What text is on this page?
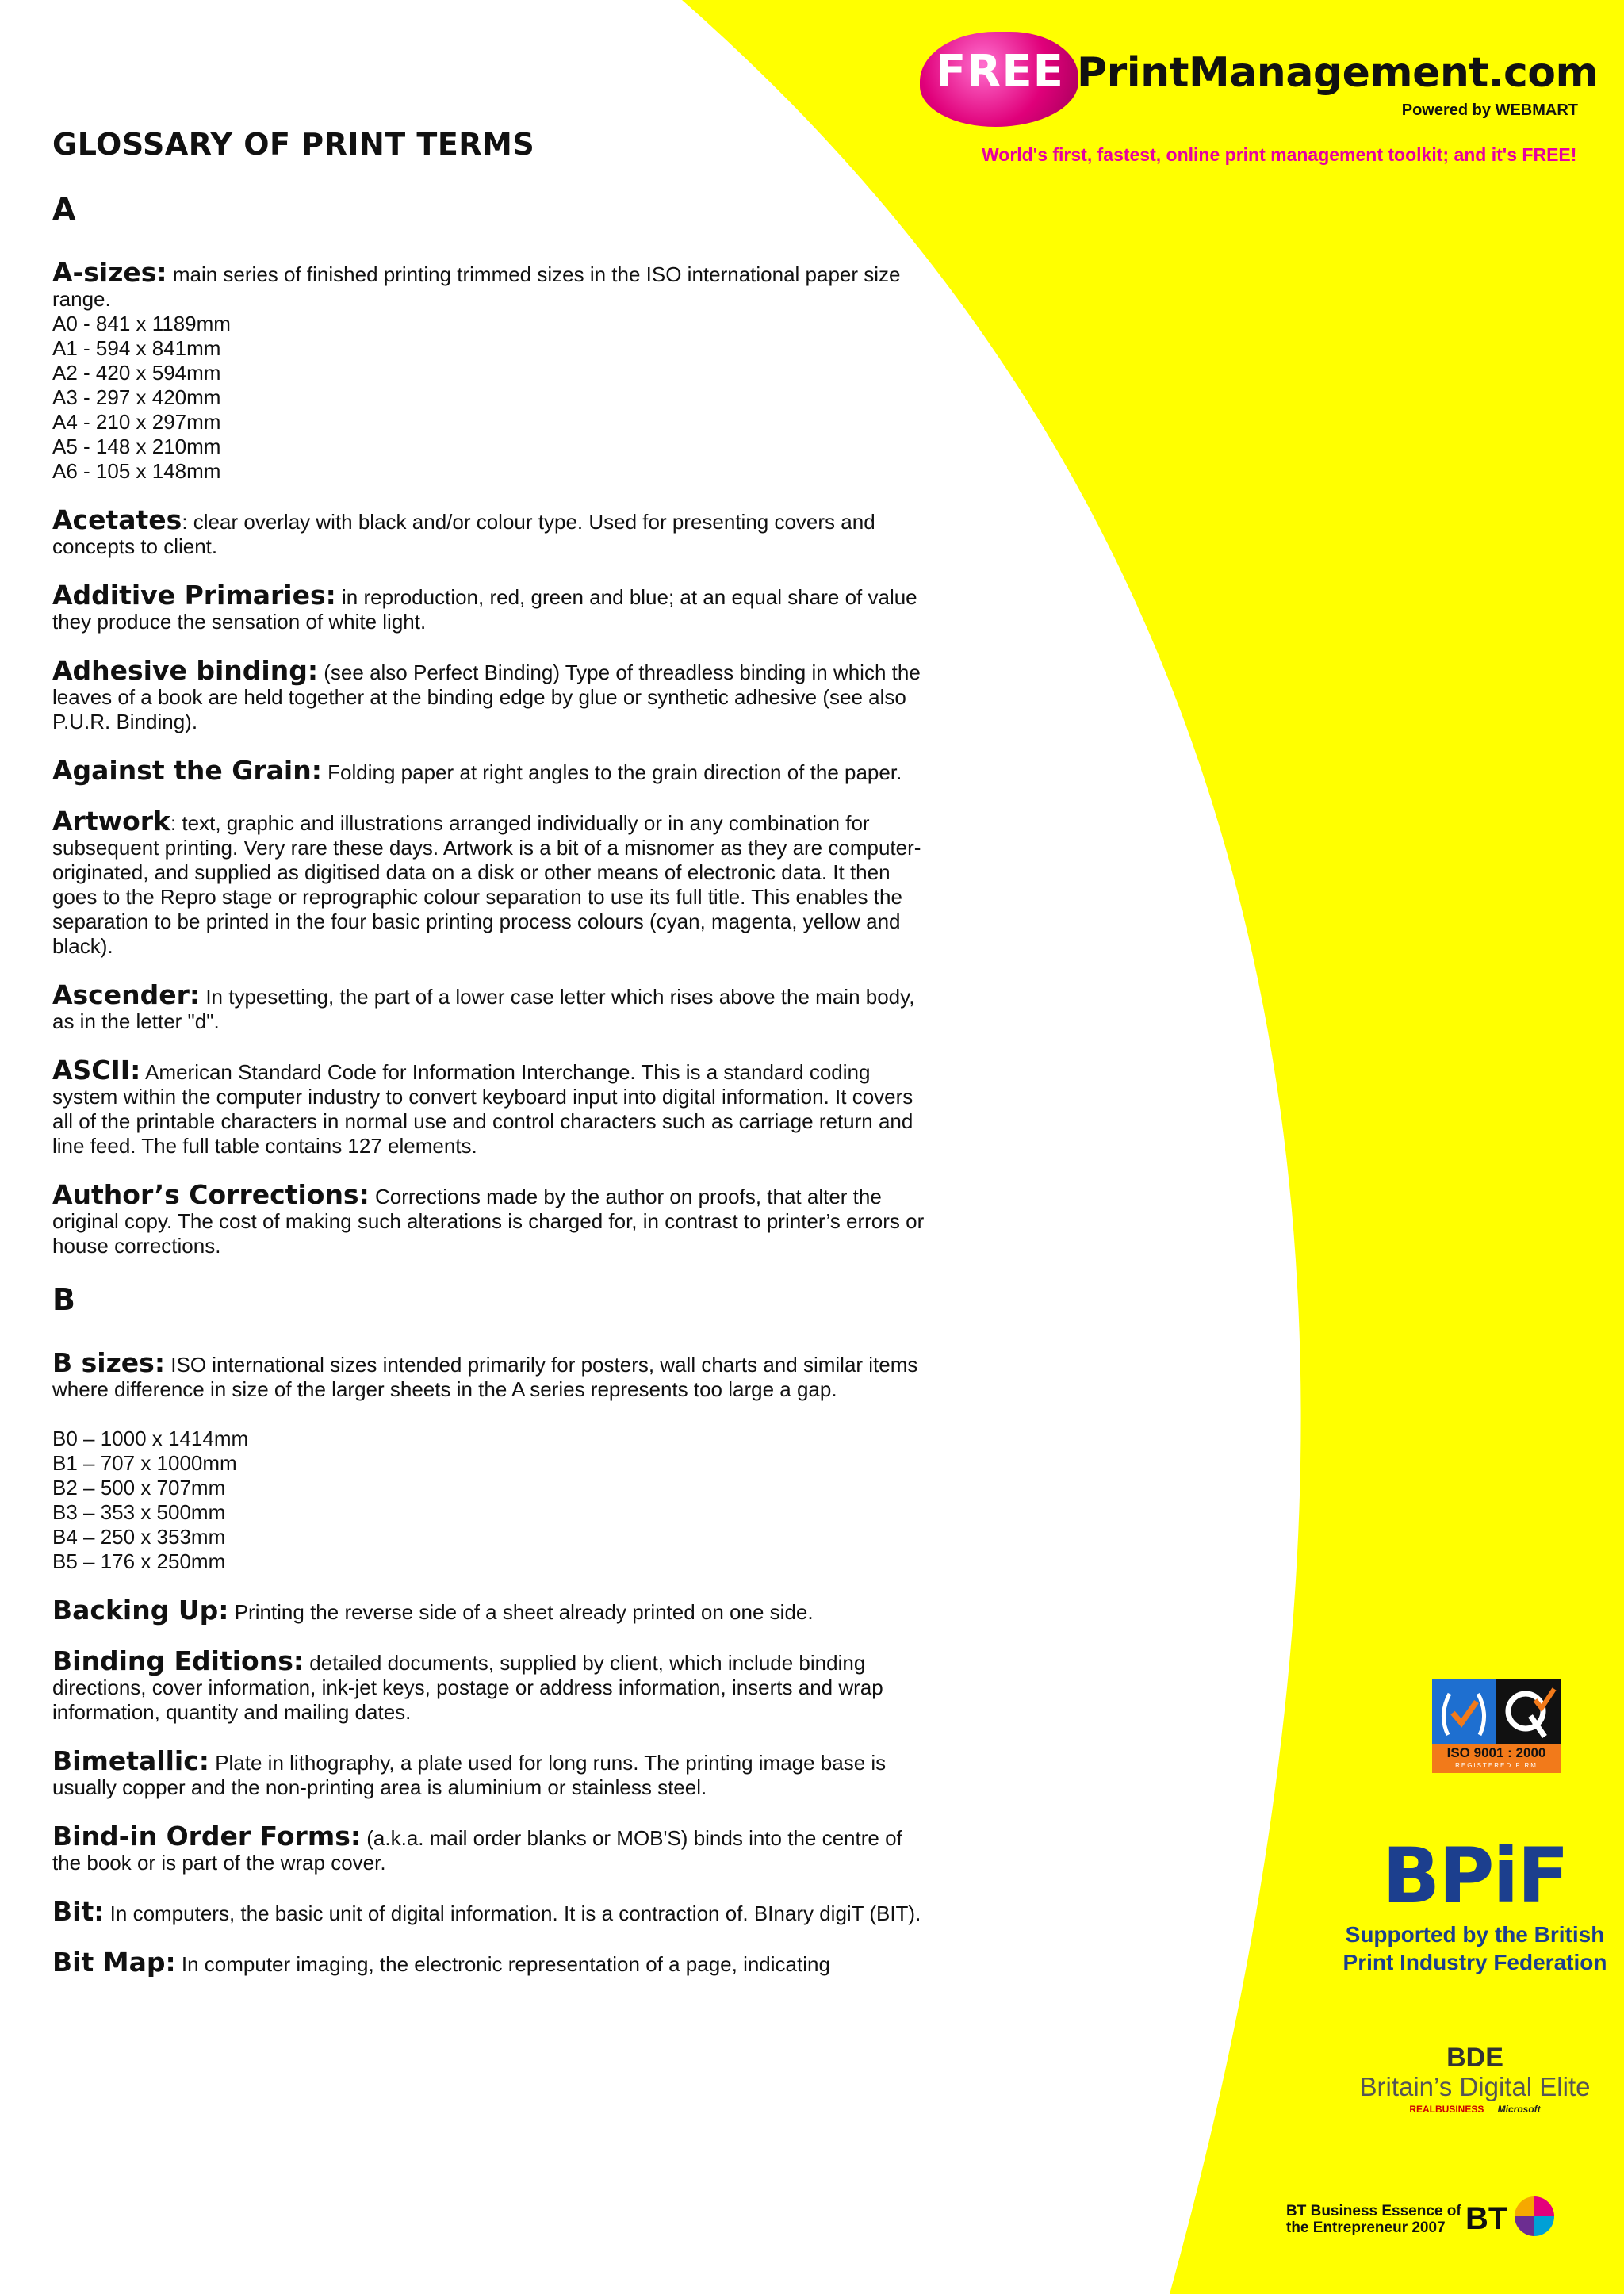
FREE PrintManagement.com
Powered by WEBMART
World's first, fastest, online print management toolkit; and it's FREE!
GLOSSARY OF PRINT TERMS
A
A-sizes: main series of finished printing trimmed sizes in the ISO international paper size range.
A0 - 841 x 1189mm
A1 - 594 x 841mm
A2 - 420 x 594mm
A3 - 297 x 420mm
A4 - 210 x 297mm
A5 - 148 x 210mm
A6 - 105 x 148mm
Acetates: clear overlay with black and/or colour type. Used for presenting covers and concepts to client.
Additive Primaries: in reproduction, red, green and blue; at an equal share of value they produce the sensation of white light.
Adhesive binding: (see also Perfect Binding) Type of threadless binding in which the leaves of a book are held together at the binding edge by glue or synthetic adhesive (see also P.U.R. Binding).
Against the Grain: Folding paper at right angles to the grain direction of the paper.
Artwork: text, graphic and illustrations arranged individually or in any combination for subsequent printing. Very rare these days. Artwork is a bit of a misnomer as they are computer-originated, and supplied as digitised data on a disk or other means of electronic data. It then goes to the Repro stage or reprographic colour separation to use its full title. This enables the separation to be printed in the four basic printing process colours (cyan, magenta, yellow and black).
Ascender: In typesetting, the part of a lower case letter which rises above the main body, as in the letter "d".
ASCII: American Standard Code for Information Interchange. This is a standard coding system within the computer industry to convert keyboard input into digital information. It covers all of the printable characters in normal use and control characters such as carriage return and line feed. The full table contains 127 elements.
Author’s Corrections: Corrections made by the author on proofs, that alter the original copy. The cost of making such alterations is charged for, in contrast to printer’s errors or house corrections.
B
B sizes: ISO international sizes intended primarily for posters, wall charts and similar items where difference in size of the larger sheets in the A series represents too large a gap.
B0 – 1000 x 1414mm
B1 – 707 x 1000mm
B2 – 500 x 707mm
B3 – 353 x 500mm
B4 – 250 x 353mm
B5 – 176 x 250mm
Backing Up: Printing the reverse side of a sheet already printed on one side.
Binding Editions: detailed documents, supplied by client, which include binding directions, cover information, ink-jet keys, postage or address information, inserts and wrap information, quantity and mailing dates.
Bimetallic: Plate in lithography, a plate used for long runs. The printing image base is usually copper and the non-printing area is aluminium or stainless steel.
Bind-in Order Forms: (a.k.a. mail order blanks or MOB'S) binds into the centre of the book or is part of the wrap cover.
Bit: In computers, the basic unit of digital information. It is a contraction of. BInary digiT (BIT).
Bit Map: In computer imaging, the electronic representation of a page, indicating
ISO 9001 : 2000
REGISTERED FIRM
BPiF
Supported by the British
Print Industry Federation
BDE
Britain’s Digital Elite
REALBUSINESS Microsoft
BT Business Essence of
the Entrepreneur 2007 BT
